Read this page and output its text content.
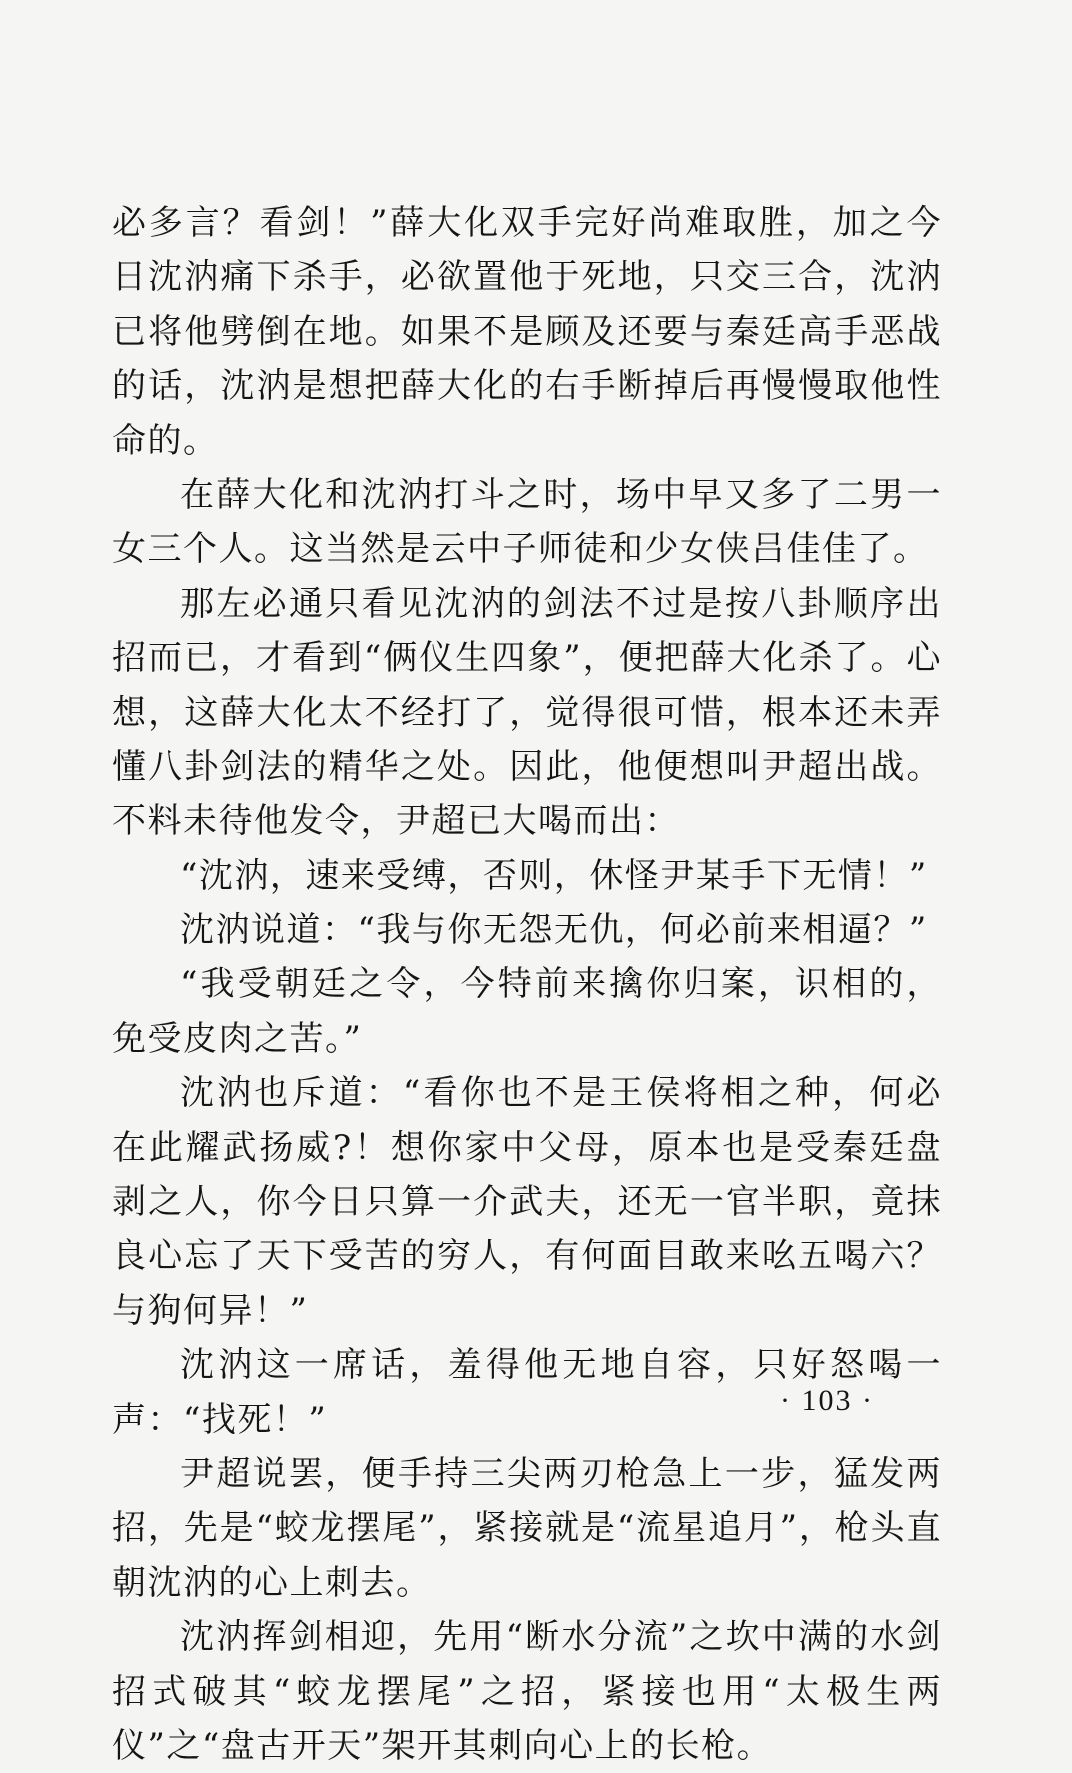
必多言？看剑！”薛大化双手完好尚难取胜，加之今日沈汭痛下杀手，必欲置他于死地，只交三合，沈汭已将他劈倒在地。如果不是顾及还要与秦廷高手恶战的话，沈汭是想把薛大化的右手断掉后再慢慢取他性命的。

在薛大化和沈汭打斗之时，场中早又多了二男一女三个人。这当然是云中子师徒和少女侠吕佳佳了。

那左必通只看见沈汭的剑法不过是按八卦顺序出招而已，才看到“俩仪生四象”，便把薛大化杀了。心想，这薛大化太不经打了，觉得很可惜，根本还未弄懂八卦剑法的精华之处。因此，他便想叫尹超出战。不料未待他发令，尹超已大喝而出：

“沈汭，速来受缚，否则，休怪尹某手下无情！”

沈汭说道：“我与你无怨无仇，何必前来相逼？”

“我受朝廷之令，今特前来擒你归案，识相的，免受皮肉之苦。”

沈汭也斥道：“看你也不是王侯将相之种，何必在此耀武扬威?！想你家中父母，原本也是受秦廷盘剥之人，你今日只算一介武夫，还无一官半职，竟抹良心忘了天下受苦的穷人，有何面目敢来吆五喝六？与狗何异！”

沈汭这一席话，羞得他无地自容，只好怒喝一声：“找死！”

尹超说罢，便手持三尖两刃枪急上一步，猛发两招，先是“蛟龙摆尾”，紧接就是“流星追月”，枪头直朝沈汭的心上刺去。

沈汭挥剑相迎，先用“断水分流”之坎中满的水剑招式破其“蛟龙摆尾”之招，紧接也用“太极生两仪”之“盘古开天”架开其刺向心上的长枪。

· 103 ·
